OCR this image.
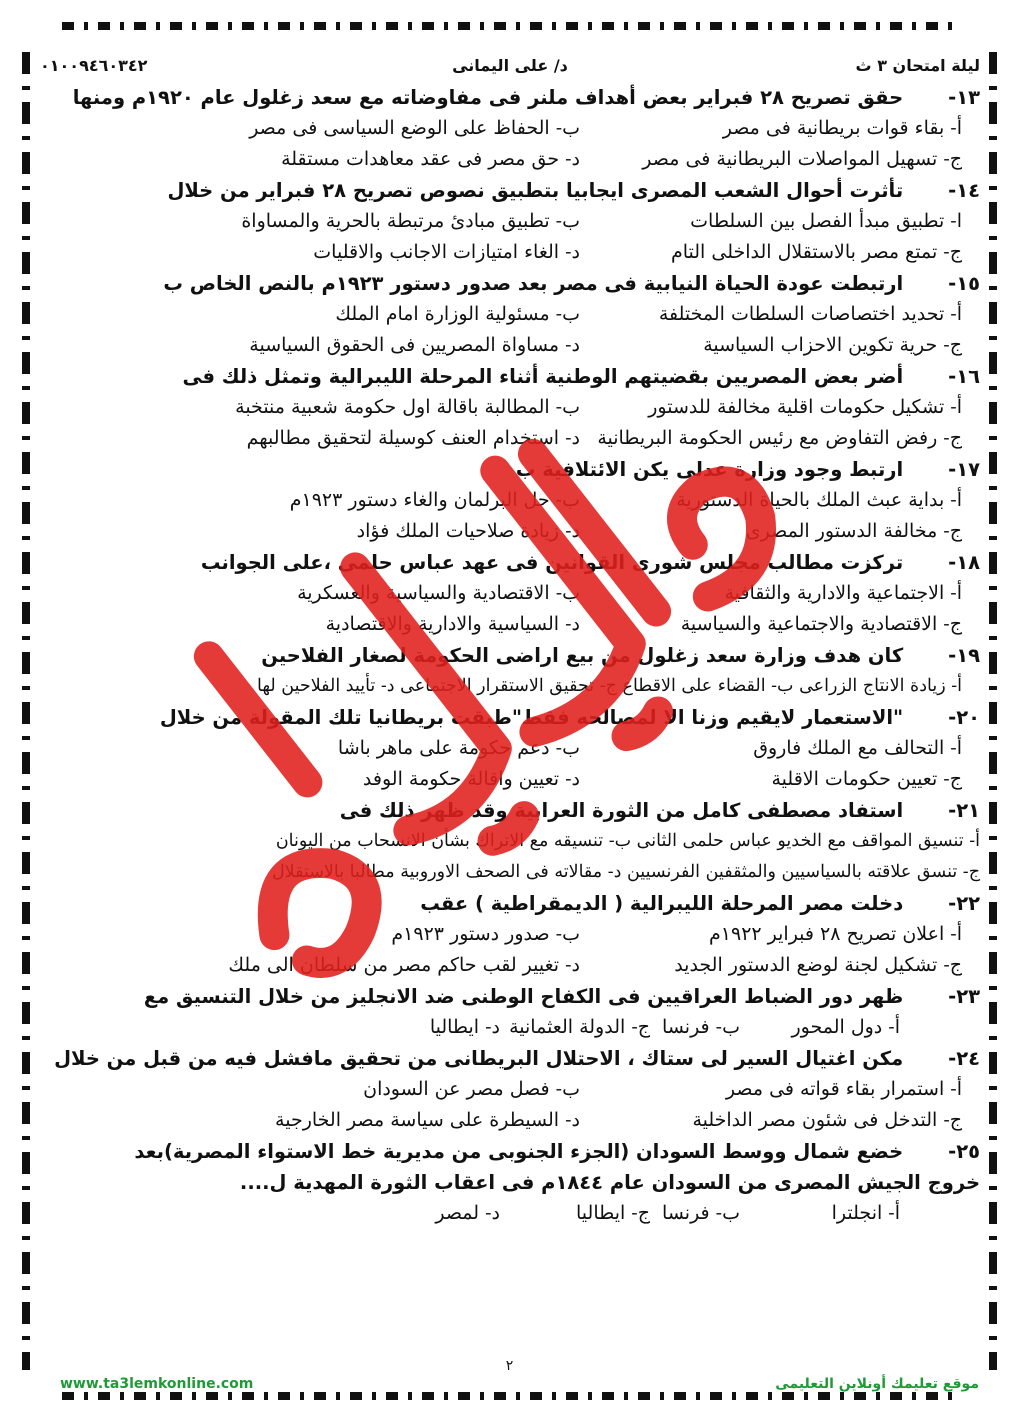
ليلة امتحان ٣ ث
د/ على اليمانى
٠١٠٠٩٤٦٠٣٤٢
١٣- حقق تصريح ٢٨ فبراير بعض أهداف ملنر فى مفاوضاته مع سعد زغلول عام ١٩٢٠م ومنها
أ- بقاء قوات بريطانية فى مصر
ب- الحفاظ على الوضع السياسى فى مصر
ج- تسهيل المواصلات البريطانية فى مصر
د- حق مصر فى عقد معاهدات مستقلة
١٤- تأثرت أحوال الشعب المصرى ايجابيا بتطبيق نصوص تصريح ٢٨ فبراير من خلال
ا- تطبيق مبدأ الفصل بين السلطات
ب- تطبيق مبادئ مرتبطة بالحرية والمساواة
ج- تمتع مصر بالاستقلال الداخلى التام
د- الغاء امتيازات الاجانب والاقليات
١٥- ارتبطت عودة الحياة النيابية فى مصر بعد صدور دستور ١٩٢٣م بالنص الخاص ب
أ- تحديد اختصاصات السلطات المختلفة
ب- مسئولية الوزارة امام الملك
ج- حرية تكوين الاحزاب السياسية
د- مساواة المصريين فى الحقوق السياسية
١٦- أضر بعض المصريين بقضيتهم الوطنية أثناء المرحلة الليبرالية وتمثل ذلك فى
أ- تشكيل حكومات اقلية مخالفة للدستور
ب- المطالبة باقالة اول حكومة شعبية منتخبة
ج- رفض التفاوض مع رئيس الحكومة البريطانية
د- استخدام العنف كوسيلة لتحقيق مطالبهم
١٧- ارتبط وجود وزارة عدلى يكن الائتلافية ب
أ- بداية عبث الملك بالحياة الدستورية
ب- حل البرلمان والغاء دستور ١٩٢٣م
ج- مخالفة الدستور المصرى
د- زيادة صلاحيات الملك فؤاد
١٨- تركزت مطالب مجلس شورى القوانين فى عهد عباس حلمى ،على الجوانب
أ- الاجتماعية والادارية والثقافية
ب- الاقتصادية والسياسية والعسكرية
ج- الاقتصادية والاجتماعية والسياسية
د- السياسية والادارية والاقتصادية
١٩- كان هدف وزارة سعد زغلول من بيع اراضى الحكومة لصغار الفلاحين
أ- زيادة الانتاج الزراعى ب- القضاء على الاقطاع ج- تحقيق الاستقرار الاجتماعى د- تأييد الفلاحين لها
٢٠- "الاستعمار لايقيم وزنا الا لمصالحه فقط"طبقت بريطانيا تلك المقولة من خلال
أ- التحالف مع الملك فاروق
ب- دعم حكومة على ماهر باشا
ج- تعيين حكومات الاقلية
د- تعيين واقالة حكومة الوفد
٢١- استفاد مصطفى كامل من الثورة العرابية وقد ظهر ذلك فى
أ- تنسيق المواقف مع الخديو عباس حلمى الثانى ب- تنسيقه مع الاتراك بشأن الانسحاب من اليونان
ج- تنسق علاقته بالسياسيين والمثقفين الفرنسيين د- مقالاته فى الصحف الاوروبية مطالبا بالاستقلال
٢٢- دخلت مصر المرحلة الليبرالية ( الديمقراطية ) عقب
أ- اعلان تصريح ٢٨ فبراير ١٩٢٢م
ب- صدور دستور ١٩٢٣م
ج- تشكيل لجنة لوضع الدستور الجديد
د- تغيير لقب حاكم مصر من سلطان الى ملك
٢٣- ظهر دور الضباط العراقيين فى الكفاح الوطنى ضد الانجليز من خلال التنسيق مع
أ- دول المحور
ب- فرنسا
ج- الدولة العثمانية
د- ايطاليا
٢٤- مكن اغتيال السير لى ستاك ، الاحتلال البريطانى من تحقيق مافشل فيه من قبل من خلال
أ- استمرار بقاء قواته فى مصر
ب- فصل مصر عن السودان
ج- التدخل فى شئون مصر الداخلية
د- السيطرة على سياسة مصر الخارجية
٢٥- خضع شمال ووسط السودان (الجزء الجنوبى من مديرية خط الاستواء المصرية)بعد
خروج الجيش المصرى من السودان عام ١٨٤٤م فى اعقاب الثورة المهدية ل....
أ- انجلترا
ب- فرنسا
ج- ايطاليا
د- لمصر
٢
موقع تعليمك أونلاين التعليمى
www.ta3lemkonline.com
